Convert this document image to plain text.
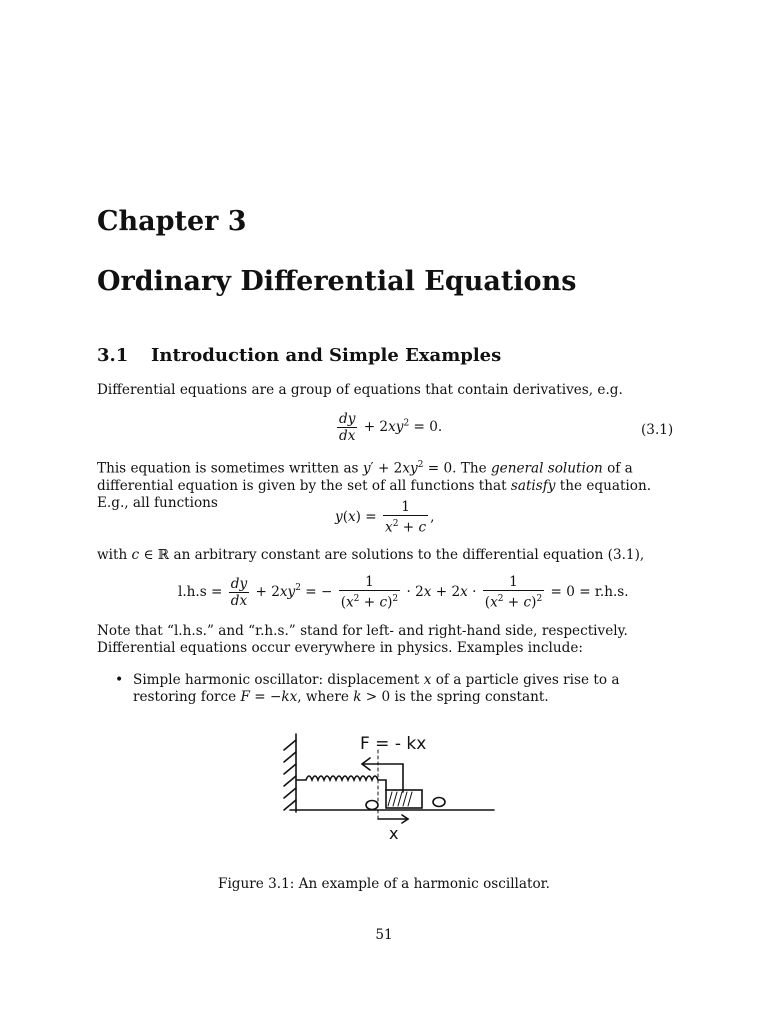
Chapter 3
Ordinary Differential Equations
3.1 Introduction and Simple Examples

Differential equations are a group of equations that contain derivatives, e.g.

$\frac{dy}{dx} + 2xy^2 = 0$.	(3.1)

This equation is sometimes written as $y' + 2xy^2 = 0$. The general solution of a differential equation is given by the set of all functions that satisfy the equation. E.g., all functions

$y(x) = \frac{1}{x^2 + c}$ ,

with c ∈ ℝ an arbitrary constant are solutions to the differential equation (3.1),

$l.h.s = \frac{dy}{dx} + 2xy^2$ = − $\frac{1}{(x^2 + c)^2} \cdot 2x + 2x \cdot \frac{1}{(x^2 + c)^2} = 0 = r.h.s$.

Note that “l.h.s.” and “r.h.s.” stand for left- and right-hand side, respectively. Differential equations occur everywhere in physics. Examples include:

• Simple harmonic oscillator: displacement x of a particle gives rise to a restoring force F = −kx, where k > 0 is the spring constant.
F = - kx
x
Figure 3.1: An example of a harmonic oscillator.
51
